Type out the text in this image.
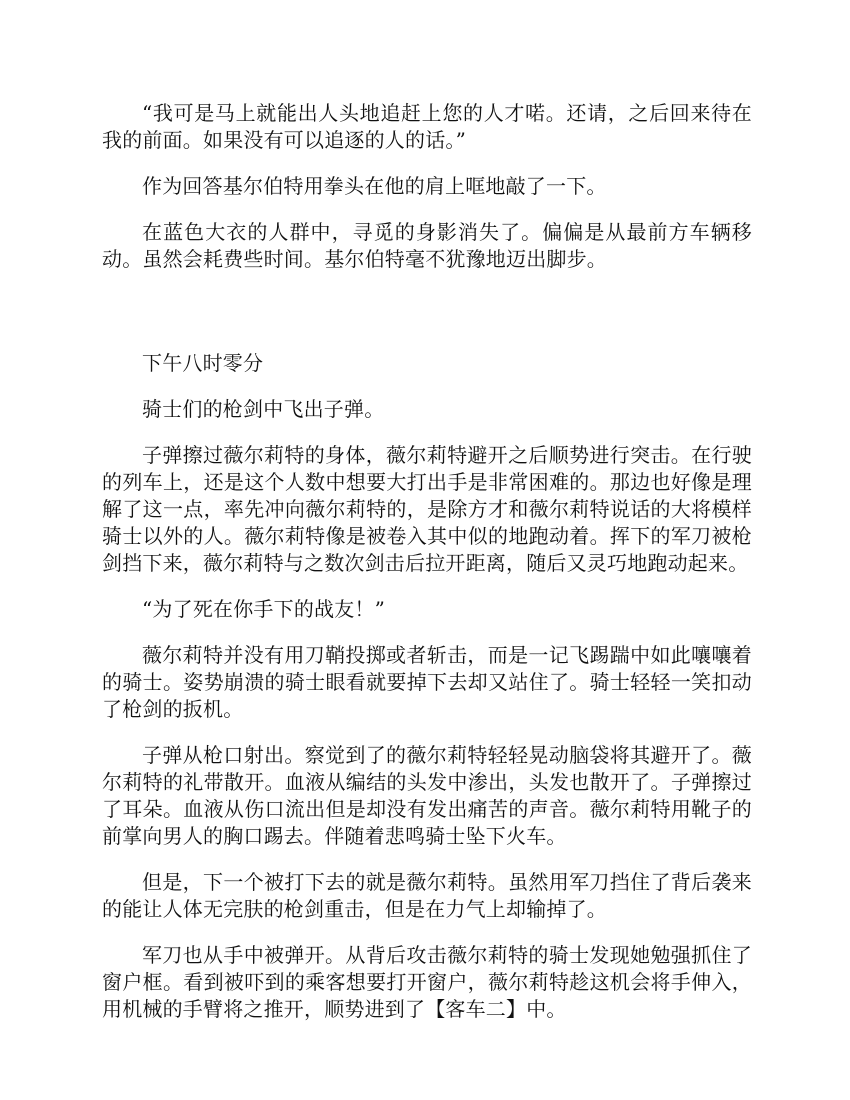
“我可是马上就能出人头地追赶上您的人才喏。还请，之后回来待在我的前面。如果没有可以追逐的人的话。”

作为回答基尔伯特用拳头在他的肩上哐地敲了一下。

在蓝色大衣的人群中，寻觅的身影消失了。偏偏是从最前方车辆移动。虽然会耗费些时间。基尔伯特毫不犹豫地迈出脚步。

下午八时零分

骑士们的枪剑中飞出子弹。

子弹擦过薇尔莉特的身体，薇尔莉特避开之后顺势进行突击。在行驶的列车上，还是这个人数中想要大打出手是非常困难的。那边也好像是理解了这一点，率先冲向薇尔莉特的，是除方才和薇尔莉特说话的大将模样骑士以外的人。薇尔莉特像是被卷入其中似的地跑动着。挥下的军刀被枪剑挡下来，薇尔莉特与之数次剑击后拉开距离，随后又灵巧地跑动起来。

“为了死在你手下的战友！”

薇尔莉特并没有用刀鞘投掷或者斩击，而是一记飞踢踹中如此嚷嚷着的骑士。姿势崩溃的骑士眼看就要掉下去却又站住了。骑士轻轻一笑扣动了枪剑的扳机。

子弹从枪口射出。察觉到了的薇尔莉特轻轻晃动脑袋将其避开了。薇尔莉特的礼带散开。血液从编结的头发中渗出，头发也散开了。子弹擦过了耳朵。血液从伤口流出但是却没有发出痛苦的声音。薇尔莉特用靴子的前掌向男人的胸口踢去。伴随着悲鸣骑士坠下火车。

但是，下一个被打下去的就是薇尔莉特。虽然用军刀挡住了背后袭来的能让人体无完肤的枪剑重击，但是在力气上却输掉了。

军刀也从手中被弹开。从背后攻击薇尔莉特的骑士发现她勉强抓住了窗户框。看到被吓到的乘客想要打开窗户，薇尔莉特趁这机会将手伸入，用机械的手臂将之推开，顺势进到了【客车二】中。
